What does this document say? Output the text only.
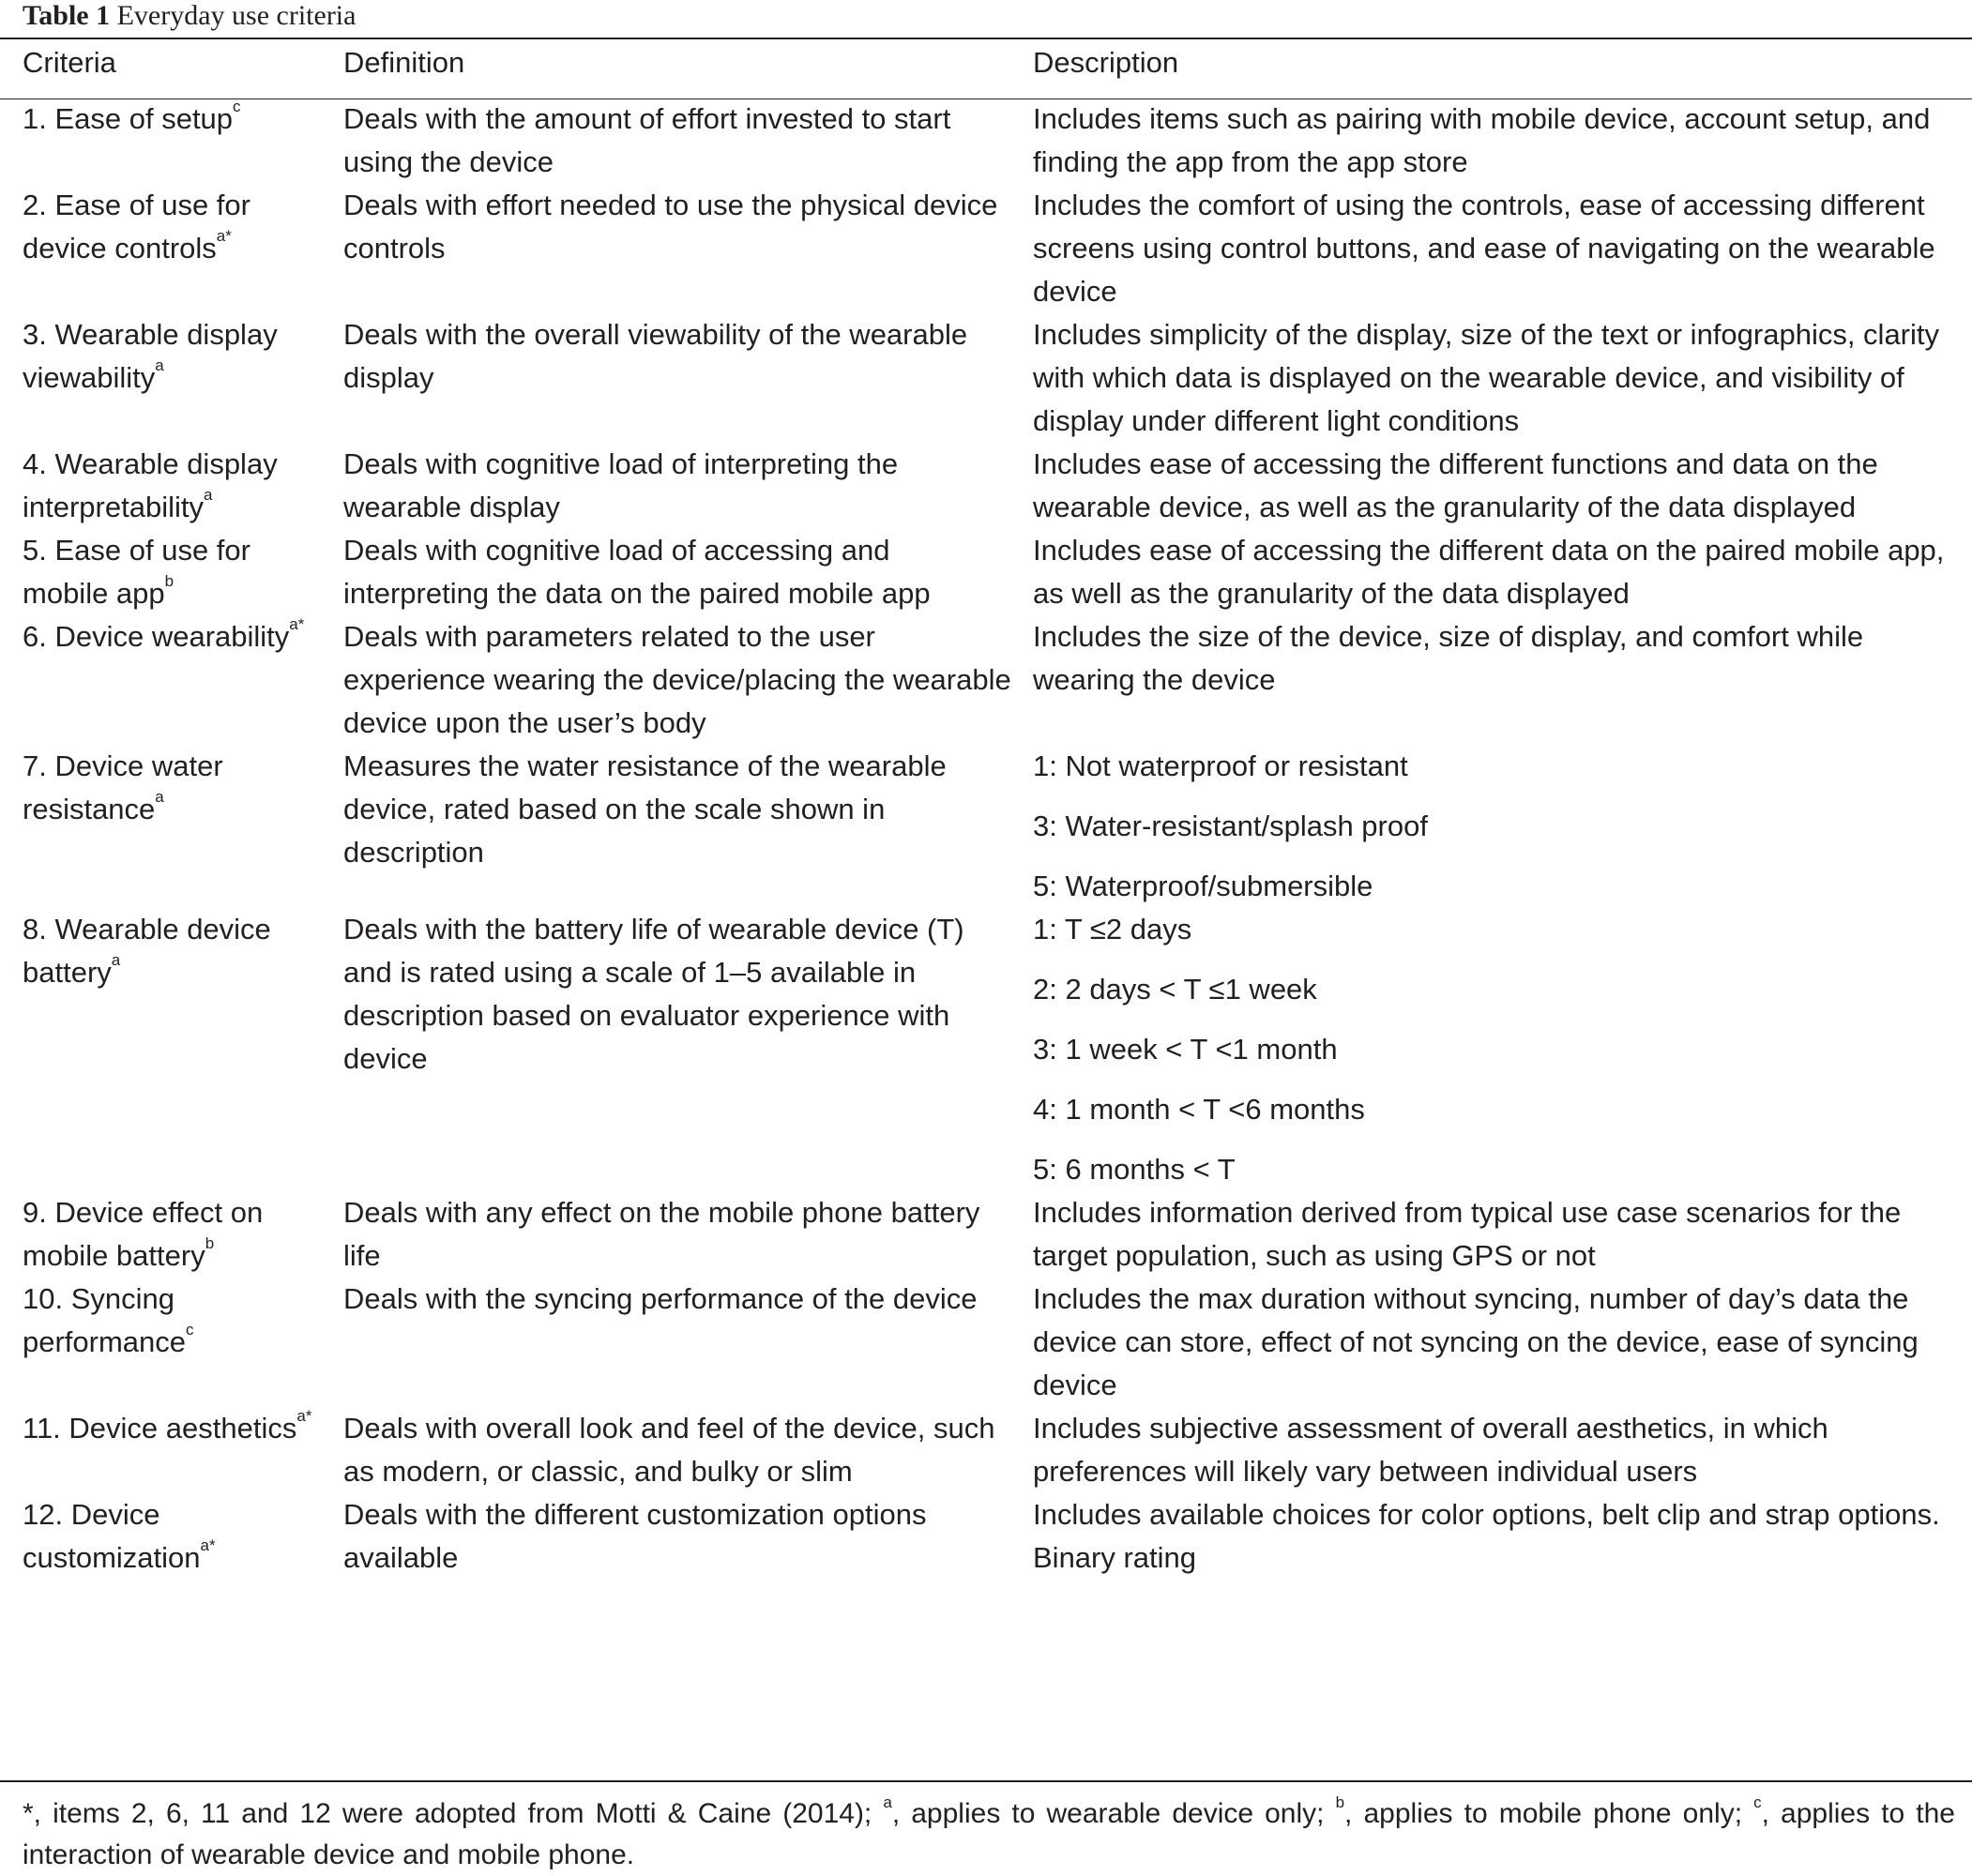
Table 1 Everyday use criteria
Criteria	Definition	Description
1. Ease of setup$^c$	Deals with the amount of effort invested to start using the device	Includes items such as pairing with mobile device, account setup, and finding the app from the app store
2. Ease of use for device controls$^{a*}$	Deals with effort needed to use the physical device controls	Includes the comfort of using the controls, ease of accessing different screens using control buttons, and ease of navigating on the wearable device
3. Wearable display viewability$^a$	Deals with the overall viewability of the wearable display	Includes simplicity of the display, size of the text or infographics, clarity with which data is displayed on the wearable device, and visibility of display under different light conditions
4. Wearable display interpretability$^a$	Deals with cognitive load of interpreting the wearable display	Includes ease of accessing the different functions and data on the wearable device, as well as the granularity of the data displayed
5. Ease of use for mobile app$^b$	Deals with cognitive load of accessing and interpreting the data on the paired mobile app	Includes ease of accessing the different data on the paired mobile app, as well as the granularity of the data displayed
6. Device wearability$^{a*}$	Deals with parameters related to the user experience wearing the device/placing the wearable device upon the user’s body	Includes the size of the device, size of display, and comfort while wearing the device
7. Device water resistance$^a$	Measures the water resistance of the wearable device, rated based on the scale shown in description	1: Not waterproof or resistant
3: Water-resistant/splash proof
5: Waterproof/submersible

8. Wearable device battery$^a$	Deals with the battery life of wearable device (T) and is rated using a scale of 1–5 available in description based on evaluator experience with device	1: T ≤2 days
2: 2 days < T ≤1 week
3: 1 week < T <1 month
4: 1 month < T <6 months
5: 6 months < T

9. Device effect on mobile battery$^b$	Deals with any effect on the mobile phone battery life	Includes information derived from typical use case scenarios for the target population, such as using GPS or not
10. Syncing performance$^c$	Deals with the syncing performance of the device	Includes the max duration without syncing, number of day’s data the device can store, effect of not syncing on the device, ease of syncing device
11. Device aesthetics$^{a*}$	Deals with overall look and feel of the device, such as modern, or classic, and bulky or slim	Includes subjective assessment of overall aesthetics, in which preferences will likely vary between individual users
12. Device customization$^{a*}$	Deals with the different customization options available	Includes available choices for color options, belt clip and strap options. Binary rating
*, items 2, 6, 11 and 12 were adopted from Motti & Caine (2014); $^a$, applies to wearable device only; $^b$, applies to mobile phone only; $^c$, applies to the interaction of wearable device and mobile phone.
